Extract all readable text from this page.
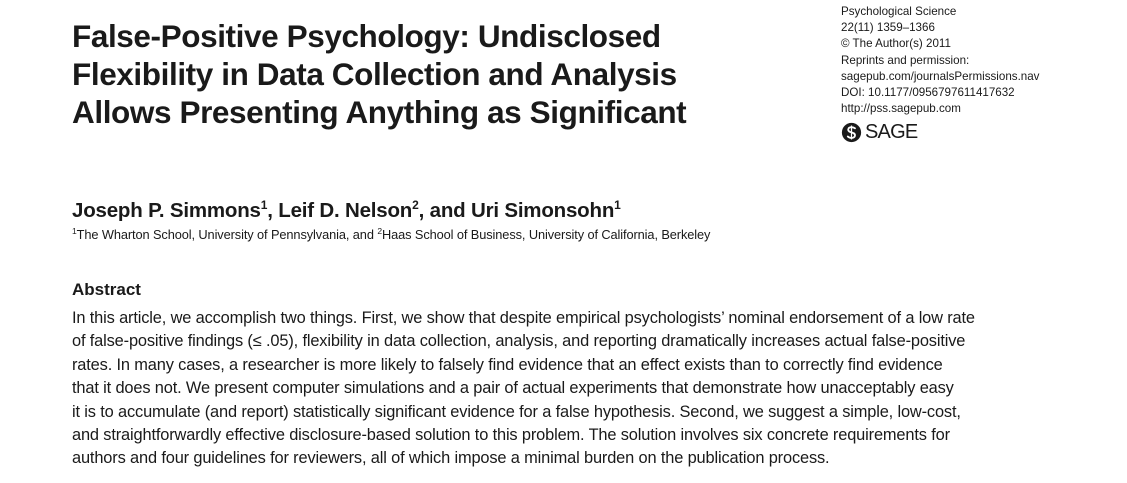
False-Positive Psychology: Undisclosed
Flexibility in Data Collection and Analysis
Allows Presenting Anything as Significant
Psychological Science
22(11) 1359–1366
© The Author(s) 2011
Reprints and permission:
sagepub.com/journalsPermissions.nav
DOI: 10.1177/0956797611417632
http://pss.sagepub.com
SAGE
Joseph P. Simmons$^1$, Leif D. Nelson$^2$, and Uri Simonsohn$^1$
$^1$The Wharton School, University of Pennsylvania, and $^2$Haas School of Business, University of California, Berkeley
Abstract
In this article, we accomplish two things. First, we show that despite empirical psychologists’ nominal endorsement of a low rate
of false-positive findings (≤ .05), flexibility in data collection, analysis, and reporting dramatically increases actual false-positive
rates. In many cases, a researcher is more likely to falsely find evidence that an effect exists than to correctly find evidence
that it does not. We present computer simulations and a pair of actual experiments that demonstrate how unacceptably easy
it is to accumulate (and report) statistically significant evidence for a false hypothesis. Second, we suggest a simple, low-cost,
and straightforwardly effective disclosure-based solution to this problem. The solution involves six concrete requirements for
authors and four guidelines for reviewers, all of which impose a minimal burden on the publication process.
